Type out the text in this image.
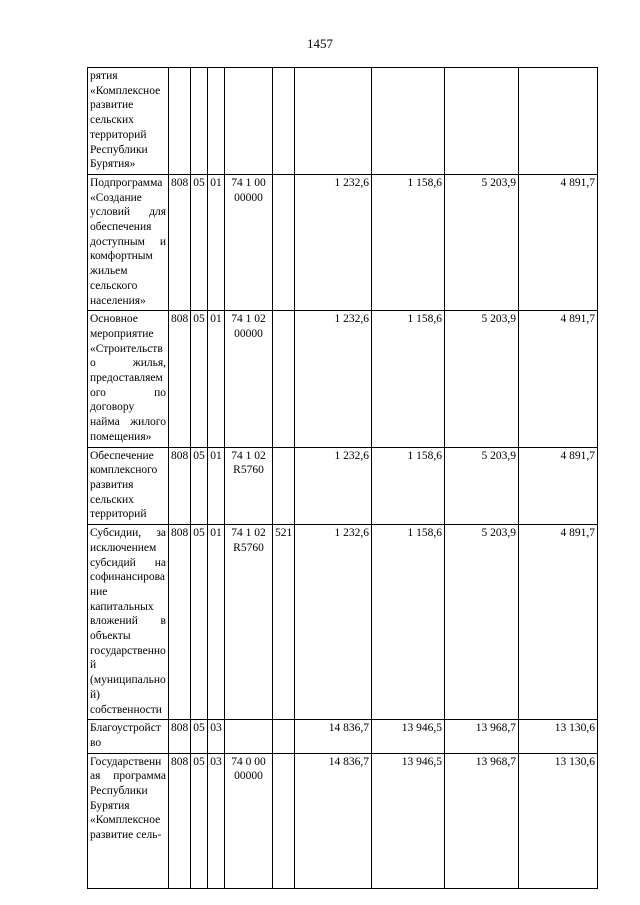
1457
рятия «Комплексное развитие сельских территорий Республики Бурятия»									
Подпрограмма «Создание условий для обеспечения доступным и комфортным жильем сельского населения»	808	05	01	74 1 00 00000		1 232,6	1 158,6	5 203,9	4 891,7
Основное мероприятие «Строительство жилья, предоставляемого по договору найма жилого помещения»	808	05	01	74 1 02 00000		1 232,6	1 158,6	5 203,9	4 891,7
Обеспечение комплексного развития сельских территорий	808	05	01	74 1 02 R5760		1 232,6	1 158,6	5 203,9	4 891,7
Субсидии, за исключением субсидий на софинансирование капитальных вложений в объекты государственной (муниципальной) собственности	808	05	01	74 1 02 R5760	521	1 232,6	1 158,6	5 203,9	4 891,7
Благоустройство	808	05	03			14 836,7	13 946,5	13 968,7	13 130,6
Государственная программа Республики Бурятия «Комплексное развитие сель-	808	05	03	74 0 00 00000		14 836,7	13 946,5	13 968,7	13 130,6
